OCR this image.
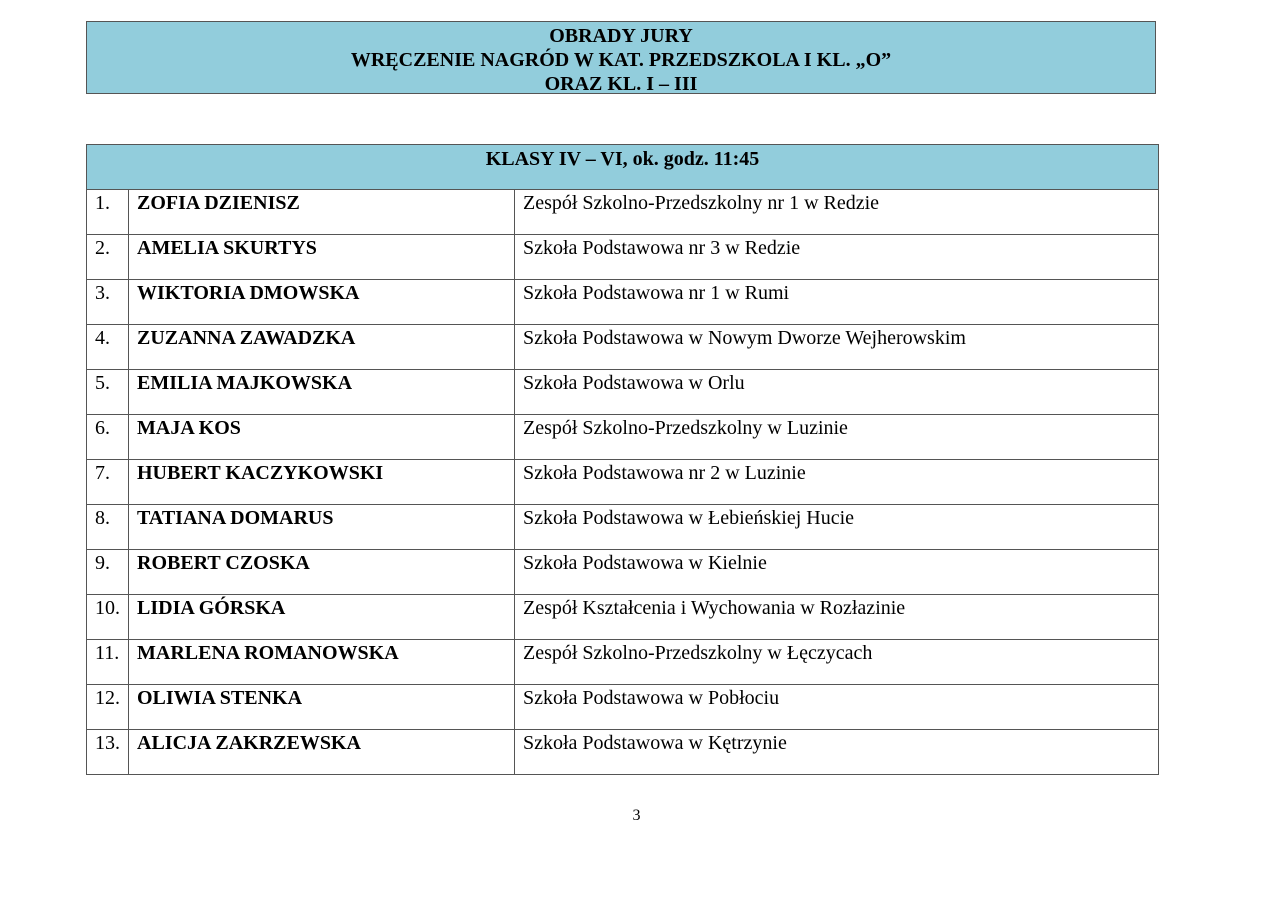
OBRADY JURY
WRĘCZENIE NAGRÓD W KAT. PRZEDSZKOLA I KL. „O”
ORAZ KL. I – III
KLASY IV – VI, ok. godz. 11:45		
1.	ZOFIA DZIENISZ	Zespół Szkolno-Przedszkolny nr 1 w Redzie
2.	AMELIA SKURTYS	Szkoła Podstawowa nr 3 w Redzie
3.	WIKTORIA DMOWSKA	Szkoła Podstawowa nr 1 w Rumi
4.	ZUZANNA ZAWADZKA	Szkoła Podstawowa w Nowym Dworze Wejherowskim
5.	EMILIA MAJKOWSKA	Szkoła Podstawowa w Orlu
6.	MAJA KOS	Zespół Szkolno-Przedszkolny w Luzinie
7.	HUBERT KACZYKOWSKI	Szkoła Podstawowa nr 2 w Luzinie
8.	TATIANA DOMARUS	Szkoła Podstawowa w Łebieńskiej Hucie
9.	ROBERT CZOSKA	Szkoła Podstawowa w Kielnie
10.	LIDIA GÓRSKA	Zespół Kształcenia i Wychowania w Rozłazinie
11.	MARLENA ROMANOWSKA	Zespół Szkolno-Przedszkolny w Łęczycach
12.	OLIWIA STENKA	Szkoła Podstawowa w Pobłociu
13.	ALICJA ZAKRZEWSKA	Szkoła Podstawowa w Kętrzynie
3
